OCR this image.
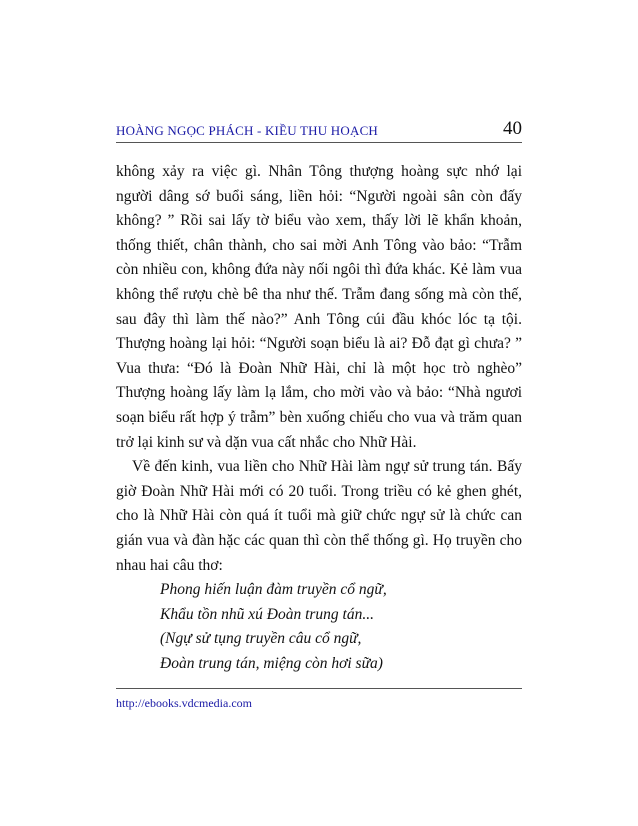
HOÀNG NGỌC PHÁCH - KIỀU THU HOẠCH	40

không xảy ra việc gì. Nhân Tông thượng hoàng sực nhớ lại người dâng sớ buổi sáng, liền hỏi: “Người ngoài sân còn đấy không? ” Rồi sai lấy tờ biểu vào xem, thấy lời lẽ khẩn khoản, thống thiết, chân thành, cho sai mời Anh Tông vào bảo: “Trẫm còn nhiều con, không đứa này nối ngôi thì đứa khác. Kẻ làm vua không thể rượu chè bê tha như thế. Trẫm đang sống mà còn thế, sau đây thì làm thế nào?” Anh Tông cúi đầu khóc lóc tạ tội. Thượng hoàng lại hỏi: “Người soạn biểu là ai? Đỗ đạt gì chưa? ” Vua thưa: “Đó là Đoàn Nhữ Hài, chỉ là một học trò nghèo” Thượng hoàng lấy làm lạ lắm, cho mời vào và bảo: “Nhà ngươi soạn biểu rất hợp ý trẫm” bèn xuống chiếu cho vua và trăm quan trở lại kinh sư và dặn vua cất nhắc cho Nhữ Hài.

Về đến kinh, vua liền cho Nhữ Hài làm ngự sử trung tán. Bấy giờ Đoàn Nhữ Hài mới có 20 tuổi. Trong triều có kẻ ghen ghét, cho là Nhữ Hài còn quá ít tuổi mà giữ chức ngự sử là chức can gián vua và đàn hặc các quan thì còn thể thống gì. Họ truyền cho nhau hai câu thơ:

Phong hiến luận đàm truyền cổ ngữ,
Khẩu tồn nhũ xú Đoàn trung tán...
(Ngự sử tụng truyền câu cổ ngữ,
Đoàn trung tán, miệng còn hơi sữa)
http://ebooks.vdcmedia.com
